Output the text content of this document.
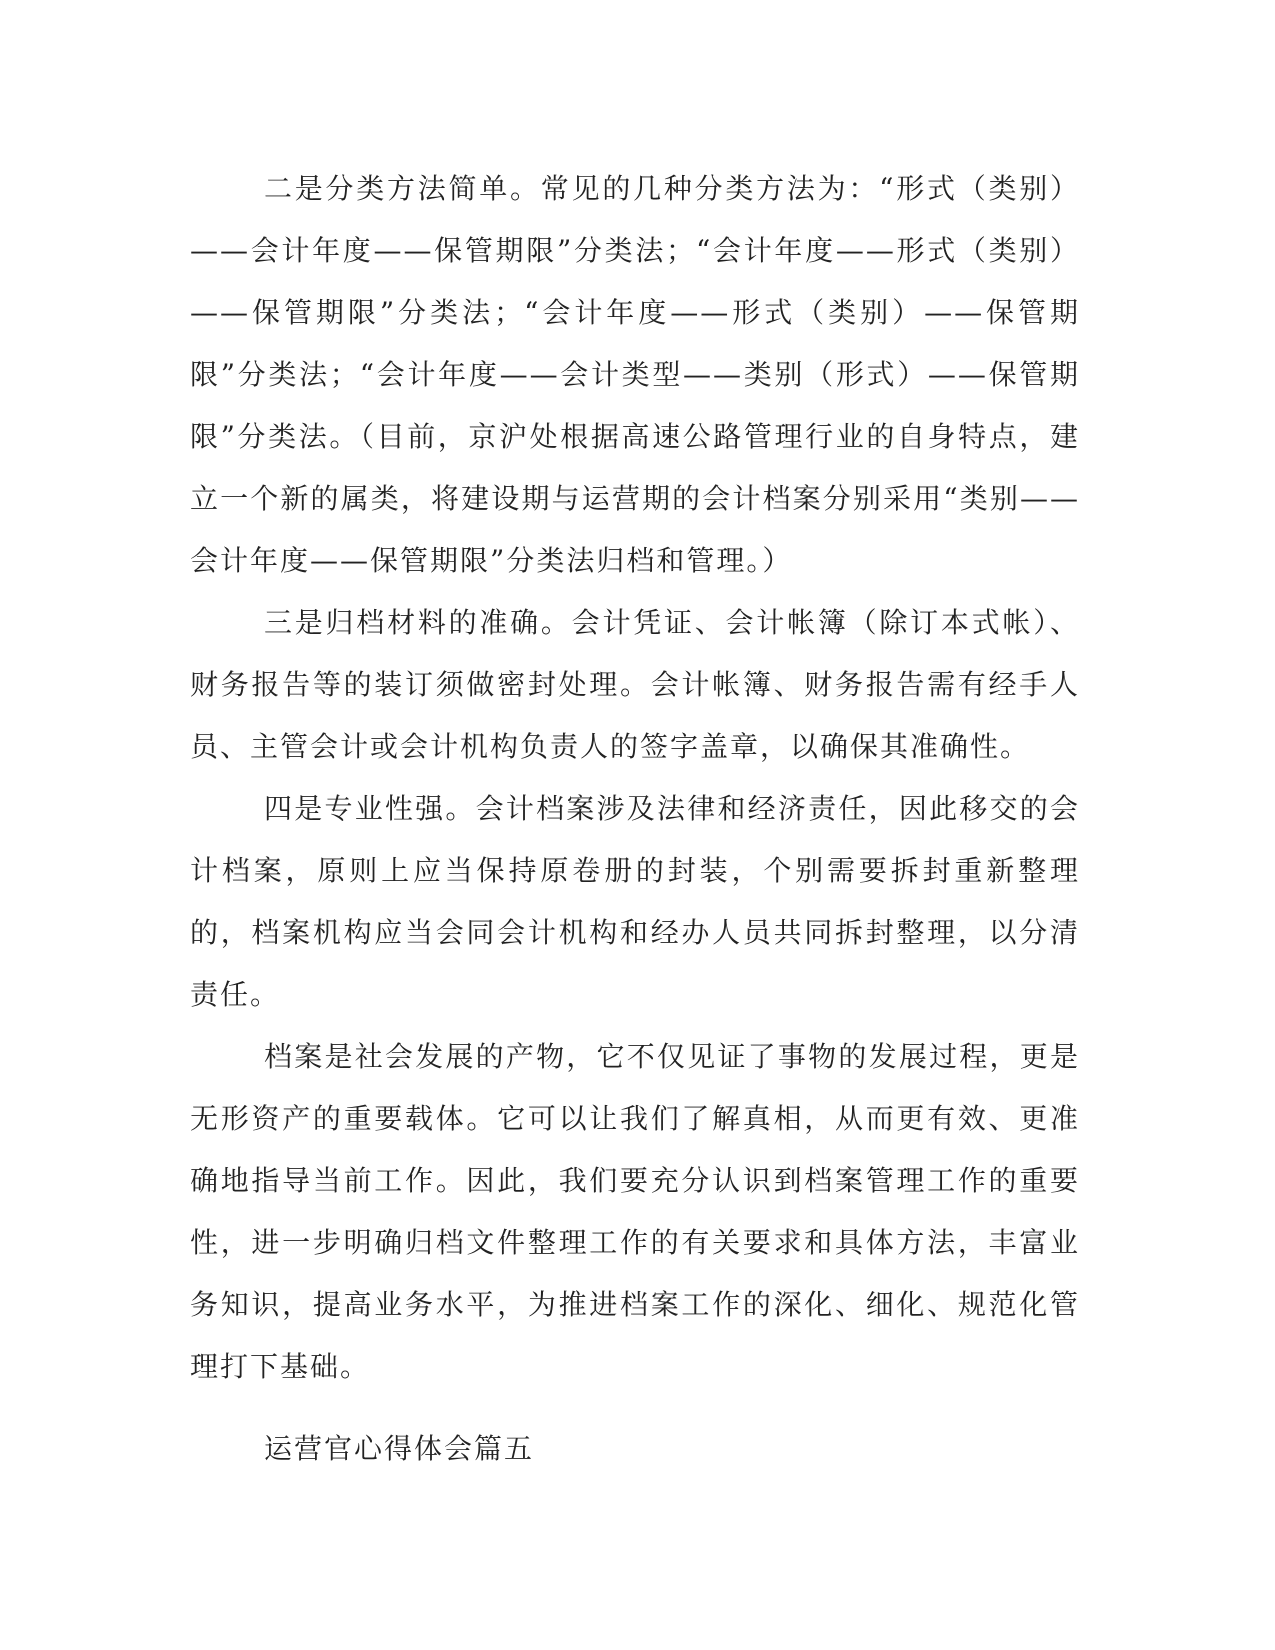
二是分类方法简单。常见的几种分类方法为：“形式（类别）——会计年度——保管期限”分类法；“会计年度——形式（类别）——保管期限”分类法；“会计年度——形式（类别）——保管期限”分类法；“会计年度——会计类型——类别（形式）——保管期限”分类法。（目前，京沪处根据高速公路管理行业的自身特点，建立一个新的属类，将建设期与运营期的会计档案分别采用“类别——会计年度——保管期限”分类法归档和管理。）

三是归档材料的准确。会计凭证、会计帐簿（除订本式帐）、财务报告等的装订须做密封处理。会计帐簿、财务报告需有经手人员、主管会计或会计机构负责人的签字盖章，以确保其准确性。

四是专业性强。会计档案涉及法律和经济责任，因此移交的会计档案，原则上应当保持原卷册的封装，个别需要拆封重新整理的，档案机构应当会同会计机构和经办人员共同拆封整理，以分清责任。

档案是社会发展的产物，它不仅见证了事物的发展过程，更是无形资产的重要载体。它可以让我们了解真相，从而更有效、更准确地指导当前工作。因此，我们要充分认识到档案管理工作的重要性，进一步明确归档文件整理工作的有关要求和具体方法，丰富业务知识，提高业务水平，为推进档案工作的深化、细化、规范化管理打下基础。

运营官心得体会篇五
